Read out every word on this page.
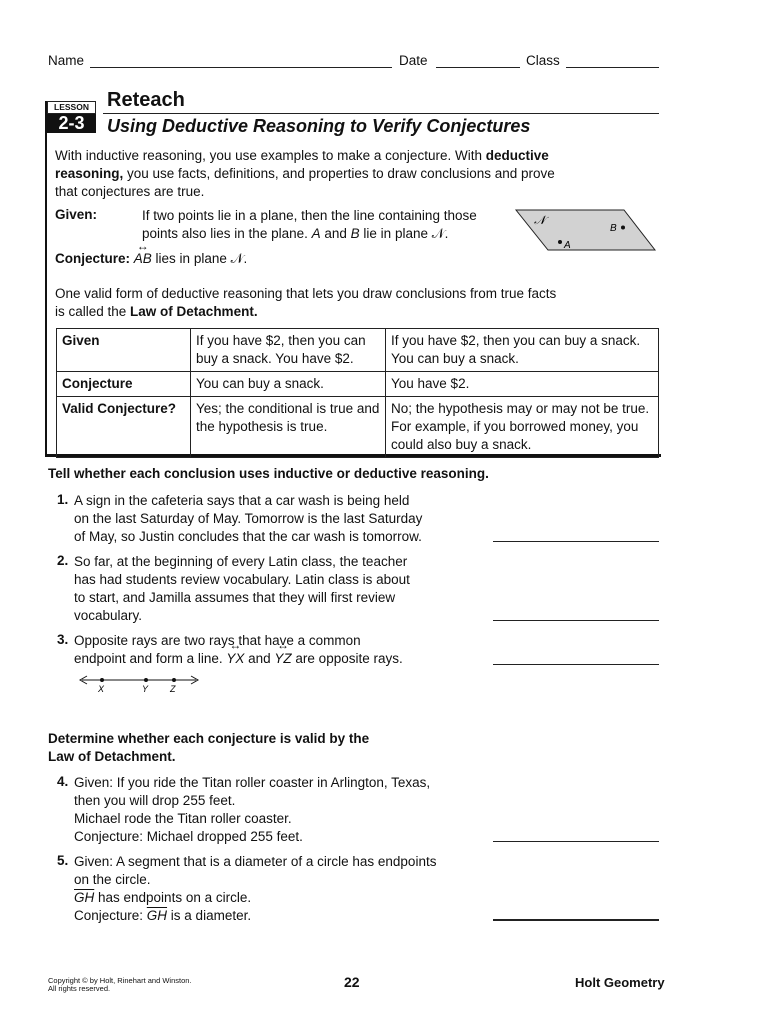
Name	Date	Class
LESSON
2-3
Reteach
Using Deductive Reasoning to Verify Conjectures
With inductive reasoning, you use examples to make a conjecture. With deductive
reasoning, you use facts, definitions, and properties to draw conclusions and prove
that conjectures are true.
Given:	If two points lie in a plane, then the line containing those
points also lies in the plane. A and B lie in plane 𝒩.
𝒩
B
A
Conjecture: ↔ AB lies in plane 𝒩.
One valid form of deductive reasoning that lets you draw conclusions from true facts
is called the Law of Detachment.
Given	If you have $2, then you can buy a snack. You have $2.	If you have $2, then you can buy a snack. You can buy a snack.
Conjecture	You can buy a snack.	You have $2.
Valid Conjecture?	Yes; the conditional is true and the hypothesis is true.	No; the hypothesis may or may not be true. For example, if you borrowed money, you could also buy a snack.
Tell whether each conclusion uses inductive or deductive reasoning.
1. A sign in the cafeteria says that a car wash is being held
on the last Saturday of May. Tomorrow is the last Saturday
of May, so Justin concludes that the car wash is tomorrow.
2. So far, at the beginning of every Latin class, the teacher
has had students review vocabulary. Latin class is about
to start, and Jamilla assumes that they will first review
vocabulary.
3. Opposite rays are two rays that have a common
endpoint and form a line. ↔ YX and ↔ YZ are opposite rays.
X	Y Z
Determine whether each conjecture is valid by the
Law of Detachment.
4. Given: If you ride the Titan roller coaster in Arlington, Texas,
then you will drop 255 feet.
Michael rode the Titan roller coaster.
Conjecture: Michael dropped 255 feet.
5. Given: A segment that is a diameter of a circle has endpoints
on the circle.
$\overline{GH}$ has endpoints on a circle.
Conjecture: $\overline{GH}$ is a diameter.
Copyright © by Holt, Rinehart and Winston.
All rights reserved.	22	Holt Geometry
